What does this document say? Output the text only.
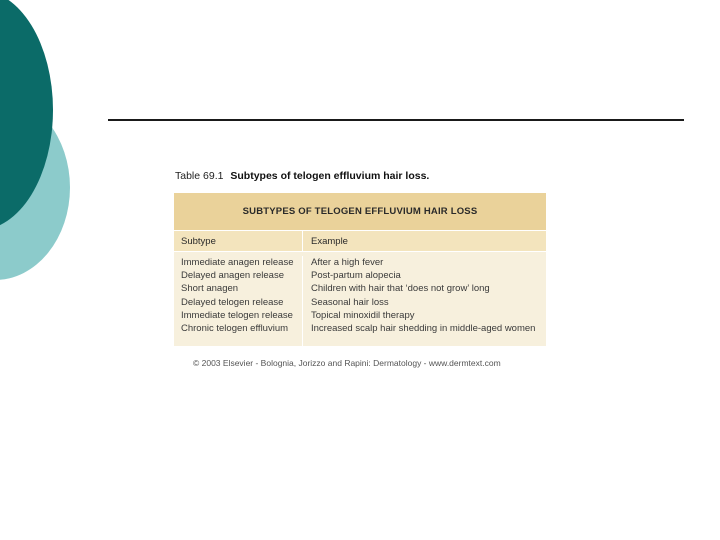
Table 69.1 Subtypes of telogen effluvium hair loss.
SUBTYPES OF TELOGEN EFFLUVIUM HAIR LOSS
Subtype	Example
Immediate anagen release
Delayed anagen release
Short anagen
Delayed telogen release
Immediate telogen release
Chronic telogen effluvium
After a high fever
Post-partum alopecia
Children with hair that ‘does not grow’ long
Seasonal hair loss
Topical minoxidil therapy
Increased scalp hair shedding in middle-aged women
© 2003 Elsevier - Bolognia, Jorizzo and Rapini: Dermatology - www.dermtext.com
